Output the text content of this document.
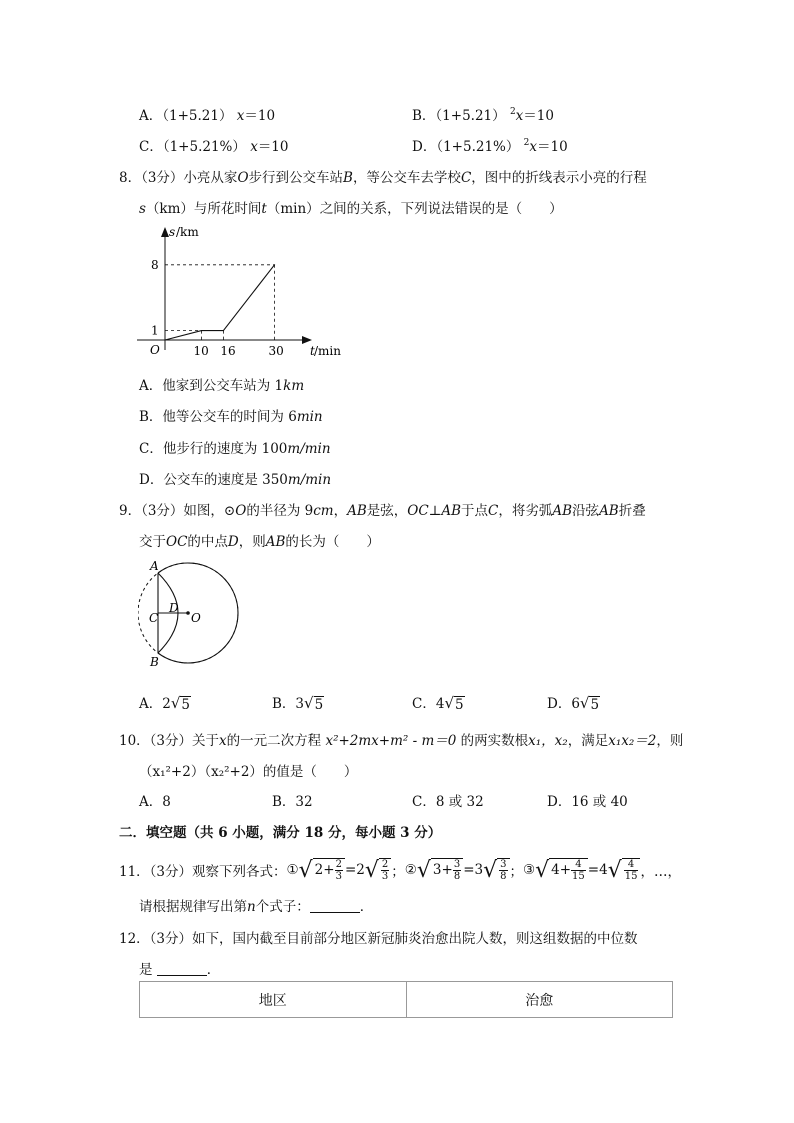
A．（1+5.21） x＝10	B．（1+5.21） $^2$x＝10
C．（1+5.21%） x＝10	D．（1+5.21%） $^2$x＝10
8．（3分）小亮从家O步行到公交车站B，等公交车去学校C，图中的折线表示小亮的行程
s（km）与所花时间t（min）之间的关系，下列说法错误的是（　　）
s /km
t /min
O	10 16	30
1
8
A．他家到公交车站为 1km
B．他等公交车的时间为 6min
C．他步行的速度为 100m/min
D．公交车的速度是 350m/min
9．（3分）如图，⊙O的半径为 9cm，AB是弦，OC⊥AB于点C，将劣弧AB沿弦AB折叠
交于OC的中点D，则AB的长为（　　）
A
B
C
D
O
A．2√5	B．3√5	C．4√5	D．6√5
10．（3分）关于x的一元二次方程 x²+2mx+m² - m＝0 的两实数根x₁，x₂，满足x₁x₂＝2，则
（x₁²+2）（x₂²+2）的值是（　　）
A．8	B．32	C．8 或 32	D．16 或 40
二．填空题（共 6 小题，满分 18 分，每小题 3 分）
11．（3分）观察下列各式： ① √ $2+ \frac{2}{3} = 2$ √ $\frac{2}{3}$ ； ② √ $3+ \frac{3}{8} = 3$ √ $\frac{3}{8}$ ； ③ √ $4+ \frac{4}{15} = 4$ √ $\frac{4}{15}$ ，…，
请根据规律写出第n个式子：	．
12．（3分）如下，国内截至目前部分地区新冠肺炎治愈出院人数，则这组数据的中位数
是	．
地区	治愈
